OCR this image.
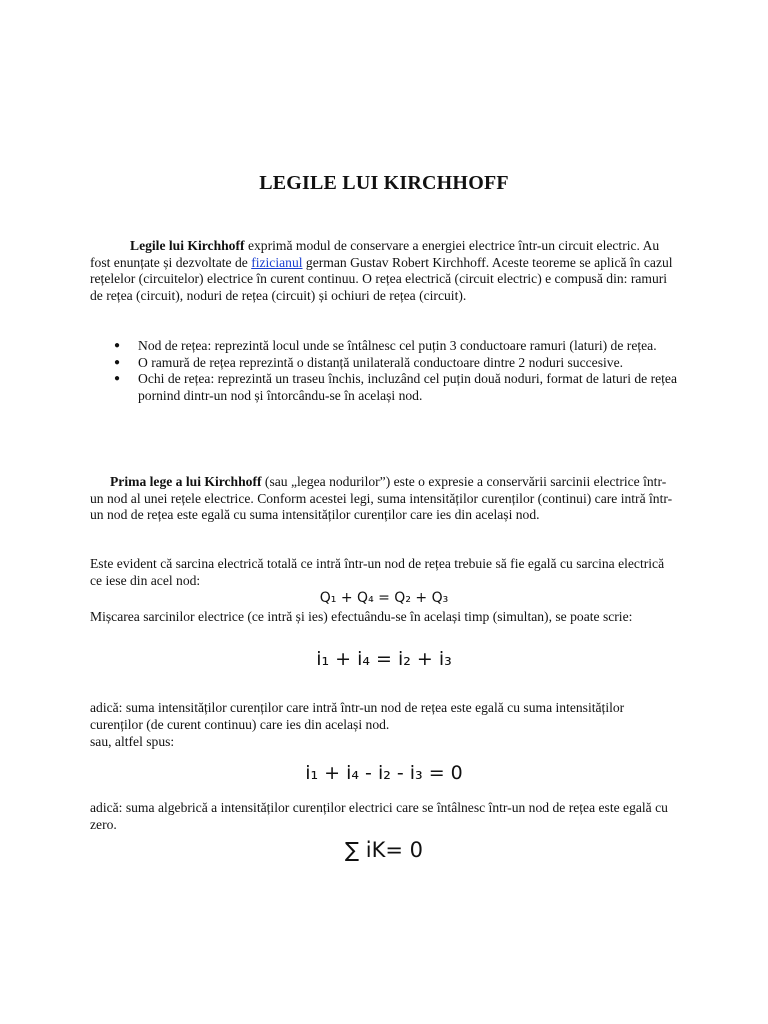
LEGILE LUI KIRCHHOFF
Legile lui Kirchhoff exprimă modul de conservare a energiei electrice într-un circuit electric. Au fost enunțate și dezvoltate de fizicianul german Gustav Robert Kirchhoff. Aceste teoreme se aplică în cazul rețelelor (circuitelor) electrice în curent continuu. O rețea electrică (circuit electric) e compusă din: ramuri de rețea (circuit), noduri de rețea (circuit) și ochiuri de rețea (circuit).
● Nod de rețea: reprezintă locul unde se întâlnesc cel puțin 3 conductoare ramuri (laturi) de rețea.
● O ramură de rețea reprezintă o distanță unilaterală conductoare dintre 2 noduri succesive.
● Ochi de rețea: reprezintă un traseu închis, incluzând cel puțin două noduri, format de laturi de rețea pornind dintr-un nod și întorcându-se în același nod.
Prima lege a lui Kirchhoff (sau „legea nodurilor”) este o expresie a conservării sarcinii electrice într-un nod al unei rețele electrice. Conform acestei legi, suma intensităților curenților (continui) care intră într-un nod de rețea este egală cu suma intensităților curenților care ies din același nod.
Este evident că sarcina electrică totală ce intră într-un nod de rețea trebuie să fie egală cu sarcina electrică ce iese din acel nod:
Q₁ + Q₄ = Q₂ + Q₃
Mișcarea sarcinilor electrice (ce intră și ies) efectuându-se în același timp (simultan), se poate scrie:
i₁ + i₄ = i₂ + i₃
adică: suma intensităților curenților care intră într-un nod de rețea este egală cu suma intensităților curenților (de curent continuu) care ies din același nod.
sau, altfel spus:
i₁ + i₄ - i₂ - i₃ = 0
adică: suma algebrică a intensităților curenților electrici care se întâlnesc într-un nod de rețea este egală cu zero.
∑ iK= 0
